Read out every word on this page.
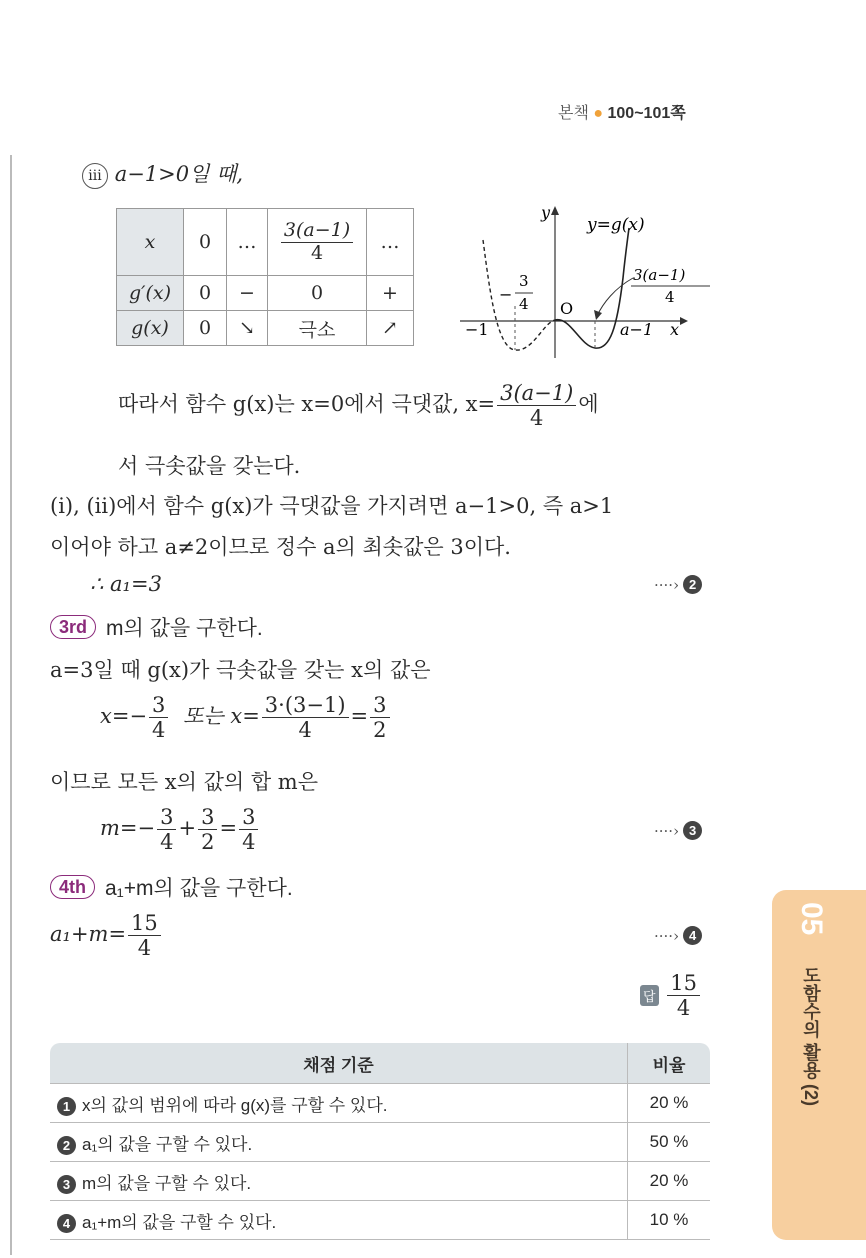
본책 ● 100~101쪽
05
도함수의 활용 (2)
ⅲ a−1>0일 때,
x	0	…	$\frac{3(a-1)}{4}$	…
g′(x)	0	−	0	+
g(x)	0	↘	극소	↗
y
x
y=g(x)
O
−1
−
3
4
3(a−1)
4
a−1
따라서 함수 g(x)는 x=0에서 극댓값, $x= \frac{3(a-1)}{4}$ 에
서 극솟값을 갖는다.
(ⅰ), (ⅱ)에서 함수 g(x)가 극댓값을 가지려면 a−1>0, 즉 a>1
이어야 하고 a≠2이므로 정수 a의 최솟값은 3이다.
∴ a₁=3	····› 2
3rd m의 값을 구한다.
a=3일 때 g(x)가 극솟값을 갖는 x의 값은
$x=- \frac{3}{4}$ 또는 $x= \frac{3\cdot(3-1)}{4} = \frac{3}{2}$
이므로 모든 x의 값의 합 m은
$m=- \frac{3}{4} + \frac{3}{2} = \frac{3}{4}$	····› 3
4th a₁+m의 값을 구한다.
$a_1+m= \frac{15}{4}$	····› 4
답 $\frac{15}{4}$
채점 기준	비율
1 x의 값의 범위에 따라 g(x)를 구할 수 있다.	20 %
2 a₁의 값을 구할 수 있다.	50 %
3 m의 값을 구할 수 있다.	20 %
4 a₁+m의 값을 구할 수 있다.	10 %
